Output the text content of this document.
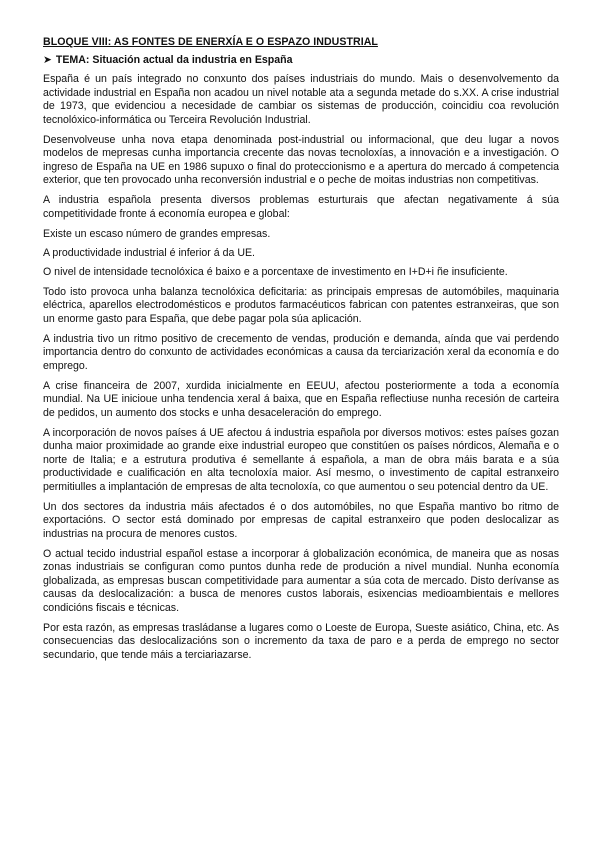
BLOQUE VIII: AS FONTES DE ENERXÍA E O ESPAZO INDUSTRIAL
➤ TEMA: Situación actual da industria en España

España é un país integrado no conxunto dos países industriais do mundo. Mais o desenvolvemento da actividade industrial en España non acadou un nivel notable ata a segunda metade do s.XX. A crise industrial de 1973, que evidenciou a necesidade de cambiar os sistemas de producción, coincidiu coa revolución tecnolóxico-informática ou Terceira Revolución Industrial.

Desenvolveuse unha nova etapa denominada post-industrial ou informacional, que deu lugar a novos modelos de mepresas cunha importancia crecente das novas tecnoloxías, a innovación e a investigación. O ingreso de España na UE en 1986 supuxo o final do proteccionismo e a apertura do mercado á competencia exterior, que ten provocado unha reconversión industrial e o peche de moitas industrias non competitivas.

A industria española presenta diversos problemas esturturais que afectan negativamente á súa competitividade fronte á economía europea e global:

Existe un escaso número de grandes empresas.

A productividade industrial é inferior á da UE.

O nivel de intensidade tecnolóxica é baixo e a porcentaxe de investimento en I+D+i ñe insuficiente.

Todo isto provoca unha balanza tecnolóxica deficitaria: as principais empresas de automóbiles, maquinaria eléctrica, aparellos electrodomésticos e produtos farmacéuticos fabrican con patentes estranxeiras, que son un enorme gasto para España, que debe pagar pola súa aplicación.

A industria tivo un ritmo positivo de crecemento de vendas, produción e demanda, aínda que vai perdendo importancia dentro do conxunto de actividades económicas a causa da terciarización xeral da economía e do emprego.

A crise financeira de 2007, xurdida inicialmente en EEUU, afectou posteriormente a toda a economía mundial. Na UE inicioue unha tendencia xeral á baixa, que en España reflectiuse nunha recesión de carteira de pedidos, un aumento dos stocks e unha desaceleración do emprego.

A incorporación de novos países á UE afectou á industria española por diversos motivos: estes países gozan dunha maior proximidade ao grande eixe industrial europeo que constitúen os países nórdicos, Alemaña e o norte de Italia; e a estrutura produtiva é semellante á española, a man de obra máis barata e a súa productividade e cualificación en alta tecnoloxía maior. Así mesmo, o investimento de capital estranxeiro permitiulles a implantación de empresas de alta tecnoloxía, co que aumentou o seu potencial dentro da UE.

Un dos sectores da industria máis afectados é o dos automóbiles, no que España mantivo bo ritmo de exportacións. O sector está dominado por empresas de capital estranxeiro que poden deslocalizar as industrias na procura de menores custos.

O actual tecido industrial español estase a incorporar á globalización económica, de maneira que as nosas zonas industriais se configuran como puntos dunha rede de produción a nivel mundial. Nunha economía globalizada, as empresas buscan competitividade para aumentar a súa cota de mercado. Disto derívanse as causas da deslocalización: a busca de menores custos laborais, esixencias medioambientais e mellores condicións fiscais e técnicas.

Por esta razón, as empresas trasládanse a lugares como o Loeste de Europa, Sueste asiático, China, etc. As consecuencias das deslocalizacións son o incremento da taxa de paro e a perda de emprego no sector secundario, que tende máis a terciariazarse.
